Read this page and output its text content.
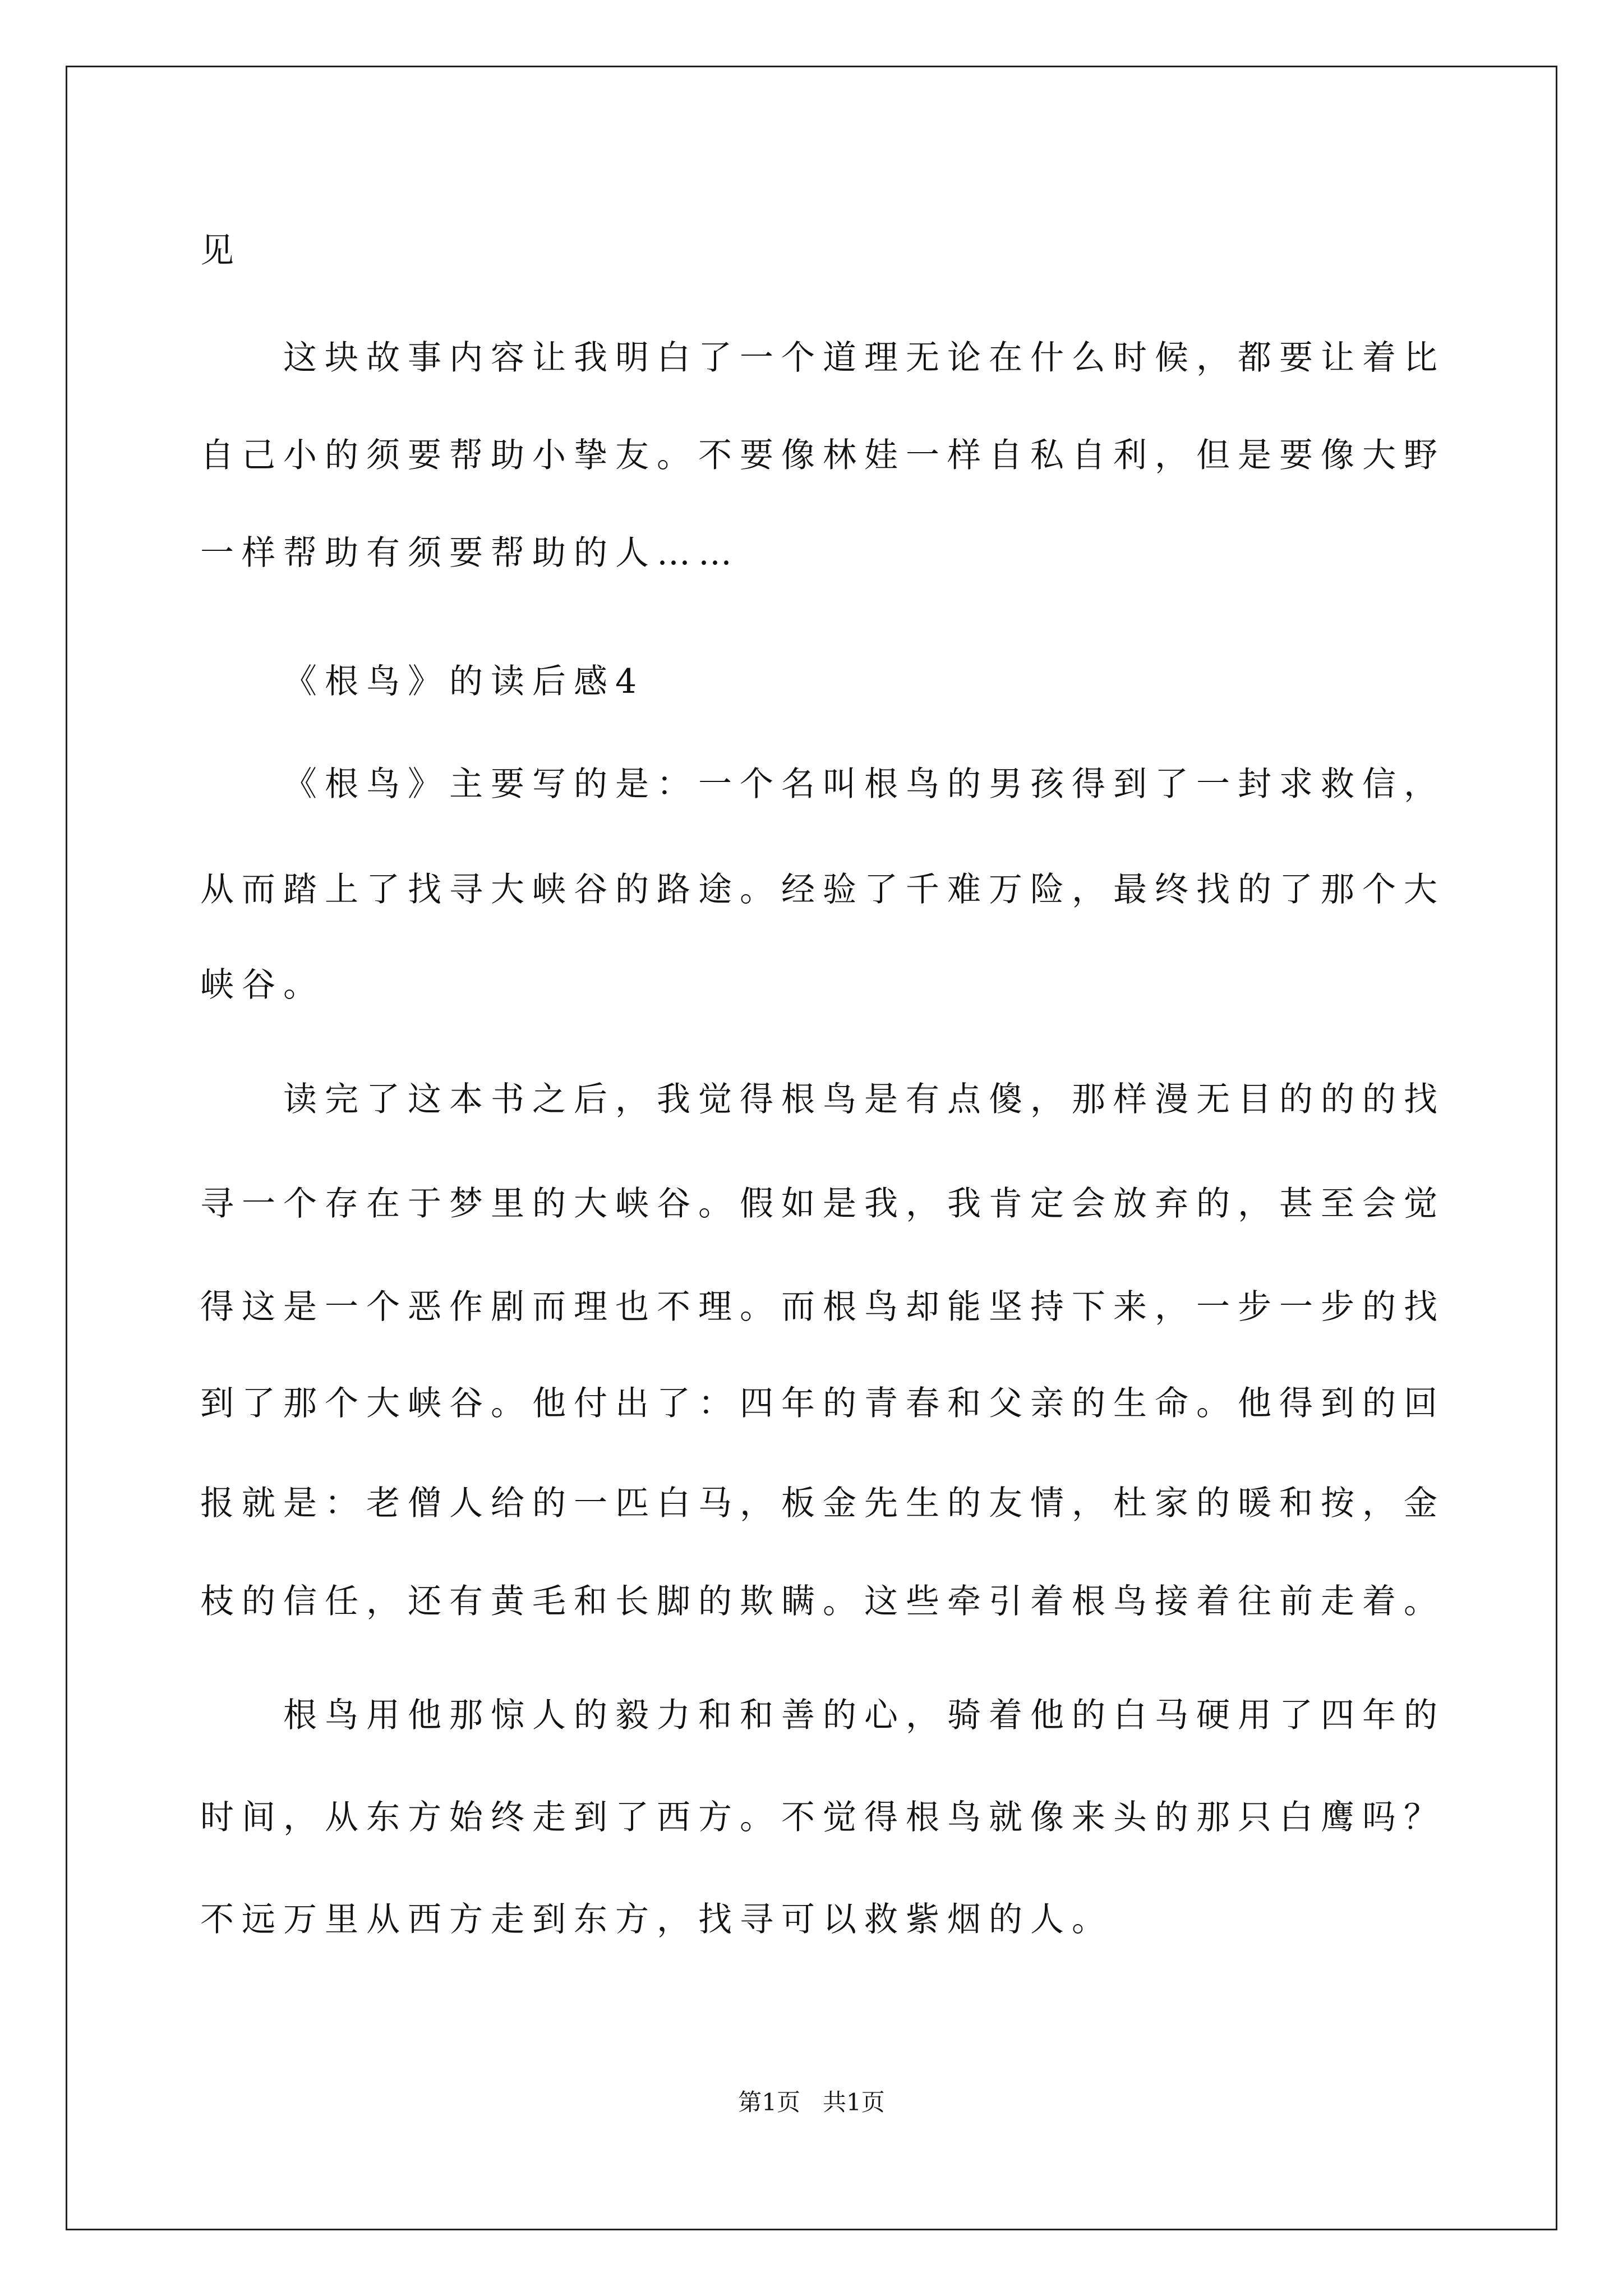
见
这块故事内容让我明白了一个道理无论在什么时候，都要让着比
自己小的须要帮助小挚友。不要像林娃一样自私自利，但是要像大野
一样帮助有须要帮助的人……
《根鸟》的读后感4
《根鸟》主要写的是：一个名叫根鸟的男孩得到了一封求救信，
从而踏上了找寻大峡谷的路途。经验了千难万险，最终找的了那个大
峡谷。
读完了这本书之后，我觉得根鸟是有点傻，那样漫无目的的的找
寻一个存在于梦里的大峡谷。假如是我，我肯定会放弃的，甚至会觉
得这是一个恶作剧而理也不理。而根鸟却能坚持下来，一步一步的找
到了那个大峡谷。他付出了：四年的青春和父亲的生命。他得到的回
报就是：老僧人给的一匹白马，板金先生的友情，杜家的暖和按，金
枝的信任，还有黄毛和长脚的欺瞒。这些牵引着根鸟接着往前走着。
根鸟用他那惊人的毅力和和善的心，骑着他的白马硬用了四年的
时间，从东方始终走到了西方。不觉得根鸟就像来头的那只白鹰吗？
不远万里从西方走到东方，找寻可以救紫烟的人。
第1页   共1页
